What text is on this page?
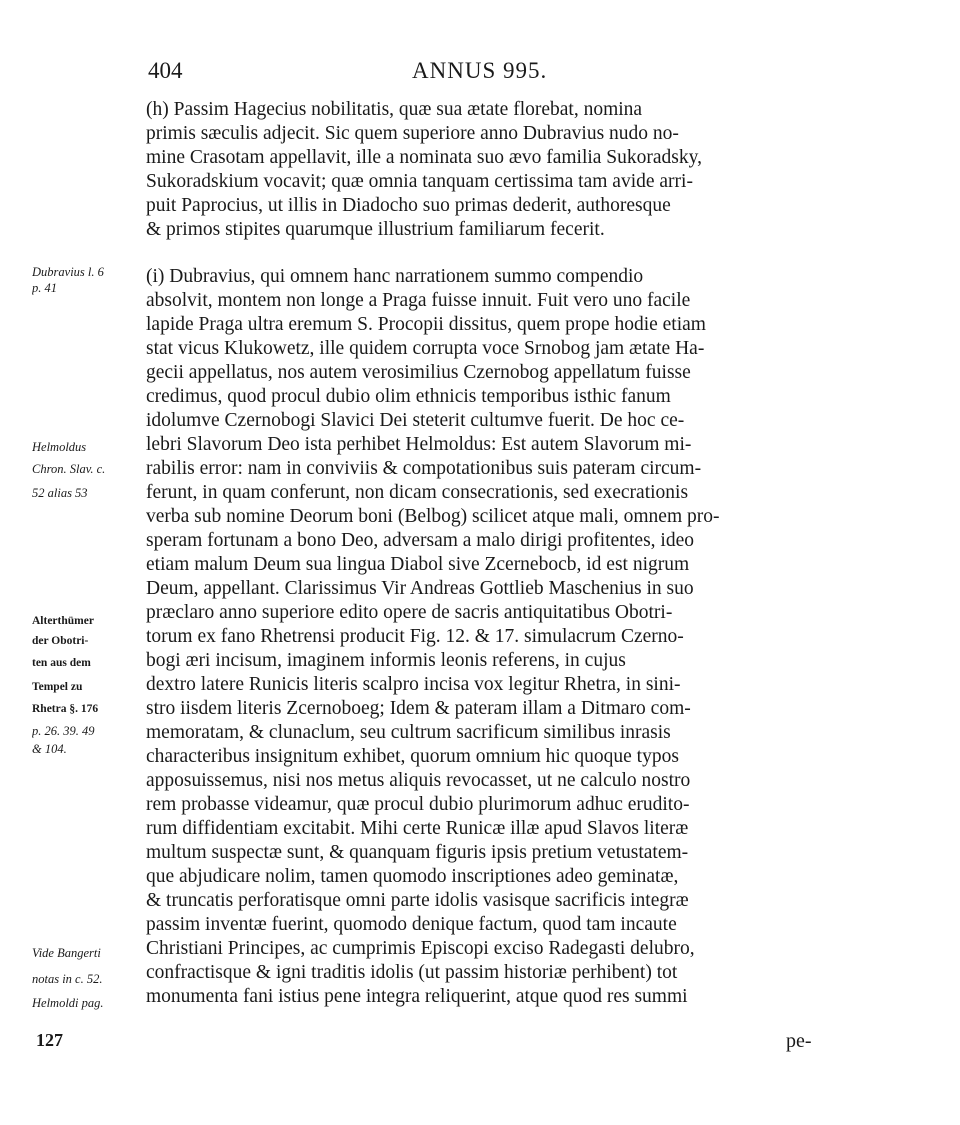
404	ANNUS 995.
(h) Passim Hagecius nobilitatis, quæ sua ætate florebat, nomina
primis sæculis adjecit. Sic quem superiore anno Dubravius nudo no-
mine Crasotam appellavit, ille a nominata suo ævo familia Sukoradsky,
Sukoradskium vocavit; quæ omnia tanquam certissima tam avide arri-
puit Paprocius, ut illis in Diadocho suo primas dederit, authoresque
& primos stipites quarumque illustrium familiarum fecerit.
(i) Dubravius, qui omnem hanc narrationem summo compendio
absolvit, montem non longe a Praga fuisse innuit. Fuit vero uno facile
lapide Praga ultra eremum S. Procopii dissitus, quem prope hodie etiam
stat vicus Klukowetz, ille quidem corrupta voce Srnobog jam ætate Ha-
gecii appellatus, nos autem verosimilius Czernobog appellatum fuisse
credimus, quod procul dubio olim ethnicis temporibus isthic fanum
idolumve Czernobogi Slavici Dei steterit cultumve fuerit. De hoc ce-
lebri Slavorum Deo ista perhibet Helmoldus: Est autem Slavorum mi-
rabilis error: nam in conviviis & compotationibus suis pateram circum-
ferunt, in quam conferunt, non dicam consecrationis, sed execrationis
verba sub nomine Deorum boni (Belbog) scilicet atque mali, omnem pro-
speram fortunam a bono Deo, adversam a malo dirigi profitentes, ideo
etiam malum Deum sua lingua Diabol sive Zcernebocb, id est nigrum
Deum, appellant. Clarissimus Vir Andreas Gottlieb Maschenius in suo
præclaro anno superiore edito opere de sacris antiquitatibus Obotri-
torum ex fano Rhetrensi producit Fig. 12. & 17. simulacrum Czerno-
bogi æri incisum, imaginem informis leonis referens, in cujus
dextro latere Runicis literis scalpro incisa vox legitur Rhetra, in sini-
stro iisdem literis Zcernoboeg; Idem & pateram illam a Ditmaro com-
memoratam, & clunaclum, seu cultrum sacrificum similibus inrasis
characteribus insignitum exhibet, quorum omnium hic quoque typos
apposuissemus, nisi nos metus aliquis revocasset, ut ne calculo nostro
rem probasse videamur, quæ procul dubio plurimorum adhuc erudito-
rum diffidentiam excitabit. Mihi certe Runicæ illæ apud Slavos literæ
multum suspectæ sunt, & quanquam figuris ipsis pretium vetustatem-
que abjudicare nolim, tamen quomodo inscriptiones adeo geminatæ,
& truncatis perforatisque omni parte idolis vasisque sacrificis integræ
passim inventæ fuerint, quomodo denique factum, quod tam incaute
Christiani Principes, ac cumprimis Episcopi exciso Radegasti delubro,
confractisque & igni traditis idolis (ut passim historiæ perhibent) tot
monumenta fani istius pene integra reliquerint, atque quod res summi
Dubravius l. 6
p. 41
Helmoldus
Chron. Slav. c.
52 alias 53
Alterthümer
der Obotri-
ten aus dem
Tempel zu
Rhetra §. 176
p. 26. 39. 49
& 104.
Vide Bangerti
notas in c. 52.
Helmoldi pag.
127	pe-
